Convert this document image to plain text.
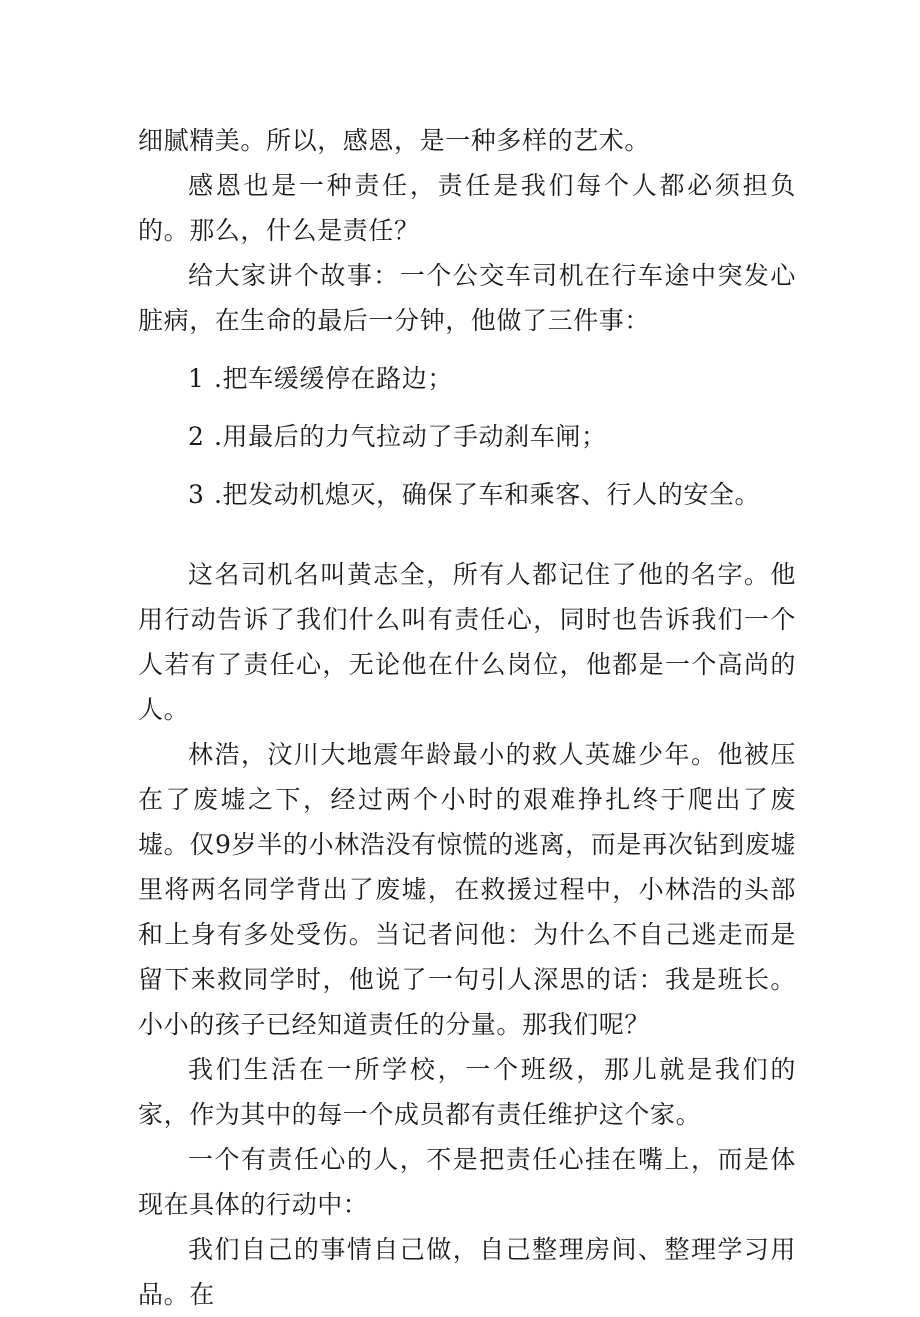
细腻精美。所以，感恩，是一种多样的艺术。

感恩也是一种责任，责任是我们每个人都必须担负的。那么，什么是责任？

给大家讲个故事：一个公交车司机在行车途中突发心脏病，在生命的最后一分钟，他做了三件事：

1 .把车缓缓停在路边；
2 .用最后的力气拉动了手动刹车闸；
3 .把发动机熄灭，确保了车和乘客、行人的安全。

这名司机名叫黄志全，所有人都记住了他的名字。他用行动告诉了我们什么叫有责任心，同时也告诉我们一个人若有了责任心，无论他在什么岗位，他都是一个高尚的人。

林浩，汶川大地震年龄最小的救人英雄少年。他被压在了废墟之下，经过两个小时的艰难挣扎终于爬出了废墟。仅9岁半的小林浩没有惊慌的逃离，而是再次钻到废墟里将两名同学背出了废墟，在救援过程中，小林浩的头部和上身有多处受伤。当记者问他：为什么不自己逃走而是留下来救同学时，他说了一句引人深思的话：我是班长。小小的孩子已经知道责任的分量。那我们呢？

我们生活在一所学校，一个班级，那儿就是我们的家，作为其中的每一个成员都有责任维护这个家。

一个有责任心的人，不是把责任心挂在嘴上，而是体现在具体的行动中：

我们自己的事情自己做，自己整理房间、整理学习用品。在
